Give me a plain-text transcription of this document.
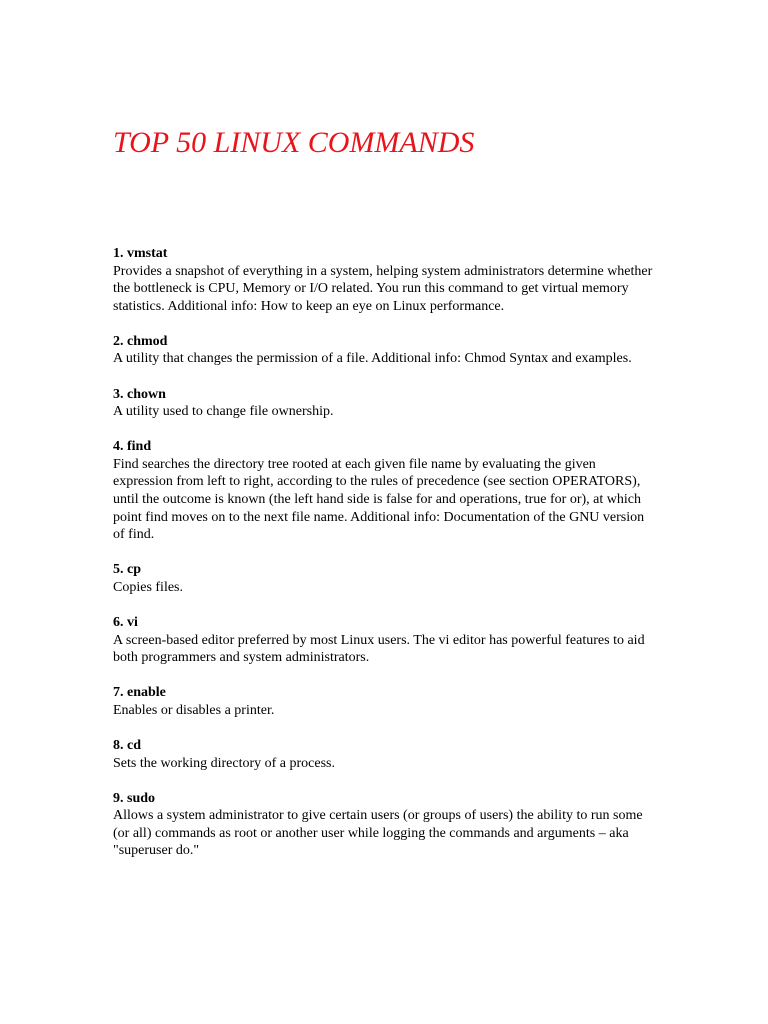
TOP 50 LINUX COMMANDS
1. vmstat
Provides a snapshot of everything in a system, helping system administrators determine whether the bottleneck is CPU, Memory or I/O related. You run this command to get virtual memory statistics. Additional info: How to keep an eye on Linux performance.
2. chmod
A utility that changes the permission of a file. Additional info: Chmod Syntax and examples.
3. chown
A utility used to change file ownership.
4. find
Find searches the directory tree rooted at each given file name by evaluating the given expression from left to right, according to the rules of precedence (see section OPERATORS), until the outcome is known (the left hand side is false for and operations, true for or), at which point find moves on to the next file name. Additional info: Documentation of the GNU version of find.
5. cp
Copies files.
6. vi
A screen-based editor preferred by most Linux users. The vi editor has powerful features to aid both programmers and system administrators.
7. enable
Enables or disables a printer.
8. cd
Sets the working directory of a process.
9. sudo
Allows a system administrator to give certain users (or groups of users) the ability to run some (or all) commands as root or another user while logging the commands and arguments – aka "superuser do."
